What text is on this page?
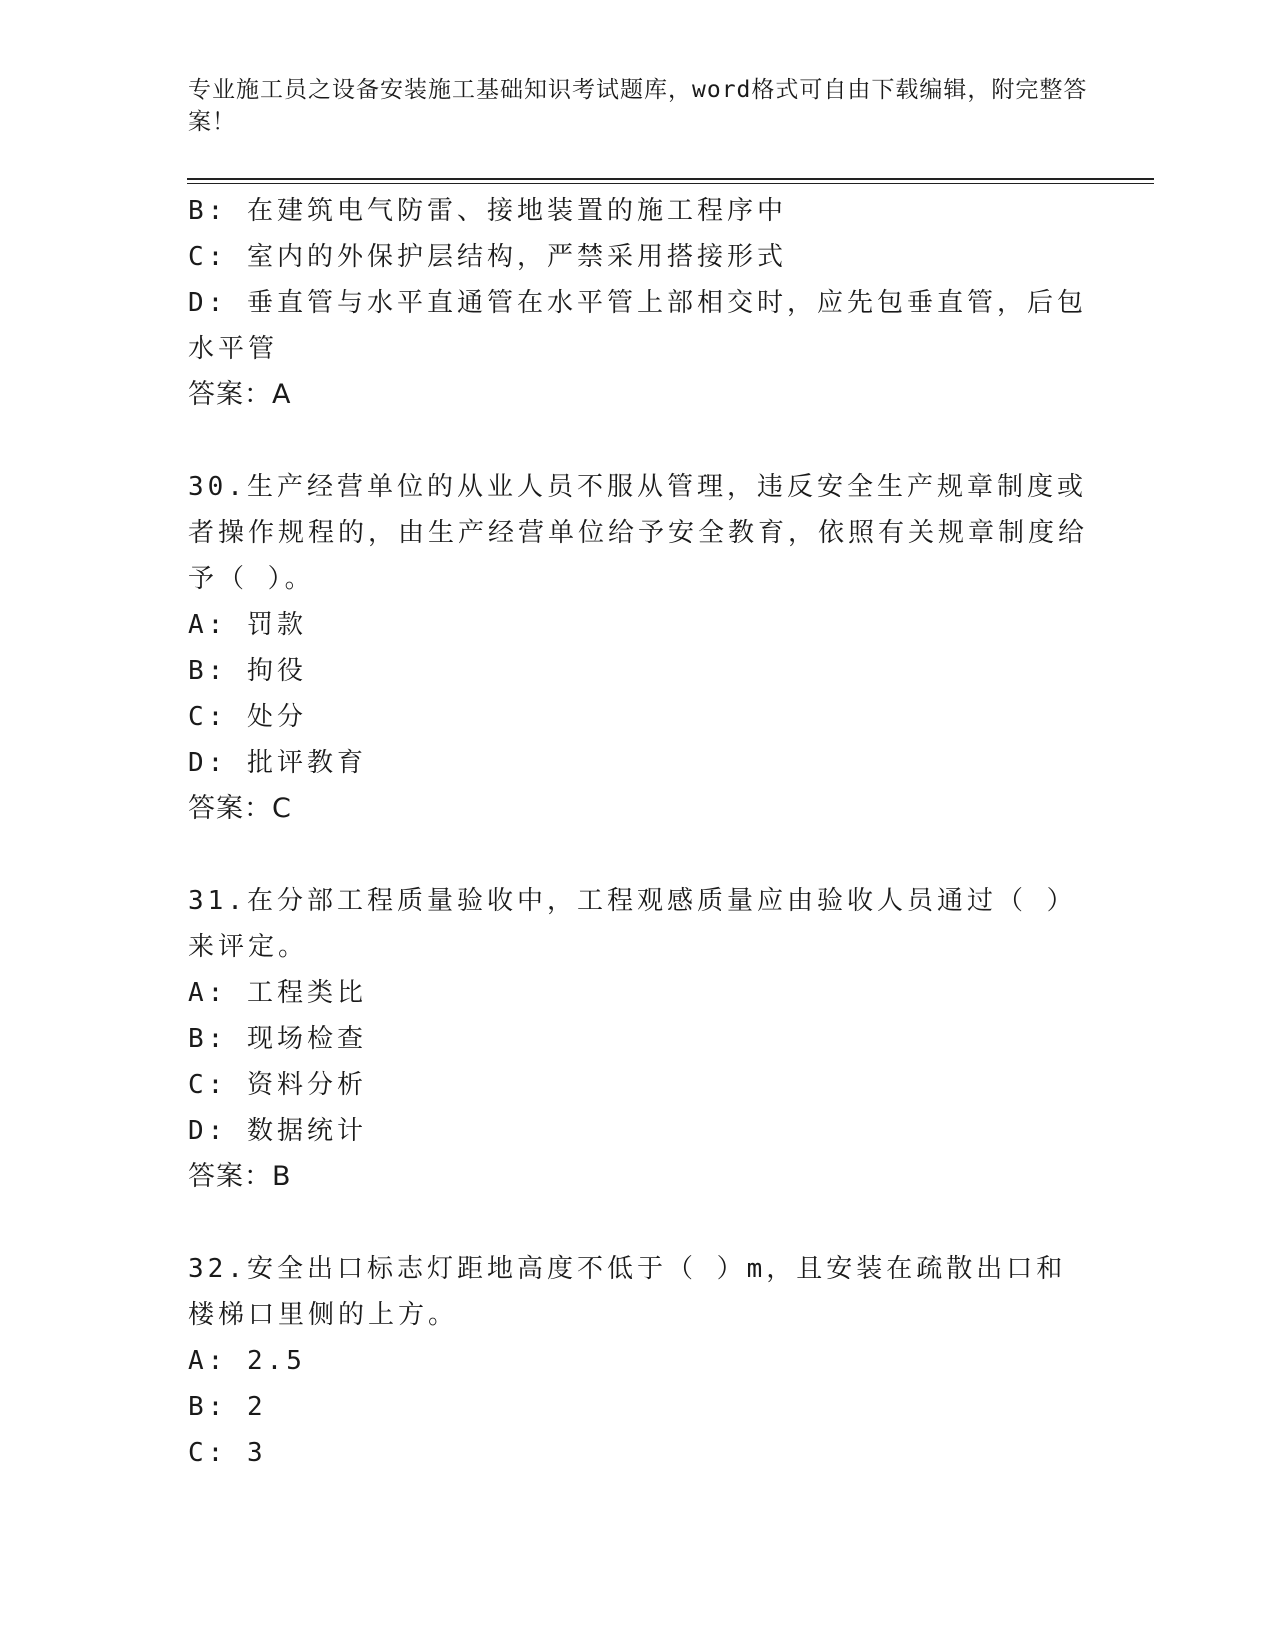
专业施工员之设备安装施工基础知识考试题库，word格式可自由下载编辑，附完整答案！
B: 在建筑电气防雷、接地装置的施工程序中
C: 室内的外保护层结构，严禁采用搭接形式
D: 垂直管与水平直通管在水平管上部相交时，应先包垂直管，后包水平管
答案：A
30.生产经营单位的从业人员不服从管理，违反安全生产规章制度或者操作规程的，由生产经营单位给予安全教育，依照有关规章制度给予（ ）。
A: 罚款
B: 拘役
C: 处分
D: 批评教育
答案：C
31.在分部工程质量验收中，工程观感质量应由验收人员通过（ ）来评定。
A: 工程类比
B: 现场检查
C: 资料分析
D: 数据统计
答案：B
32.安全出口标志灯距地高度不低于（ ）m，且安装在疏散出口和楼梯口里侧的上方。
A: 2.5
B: 2
C: 3
